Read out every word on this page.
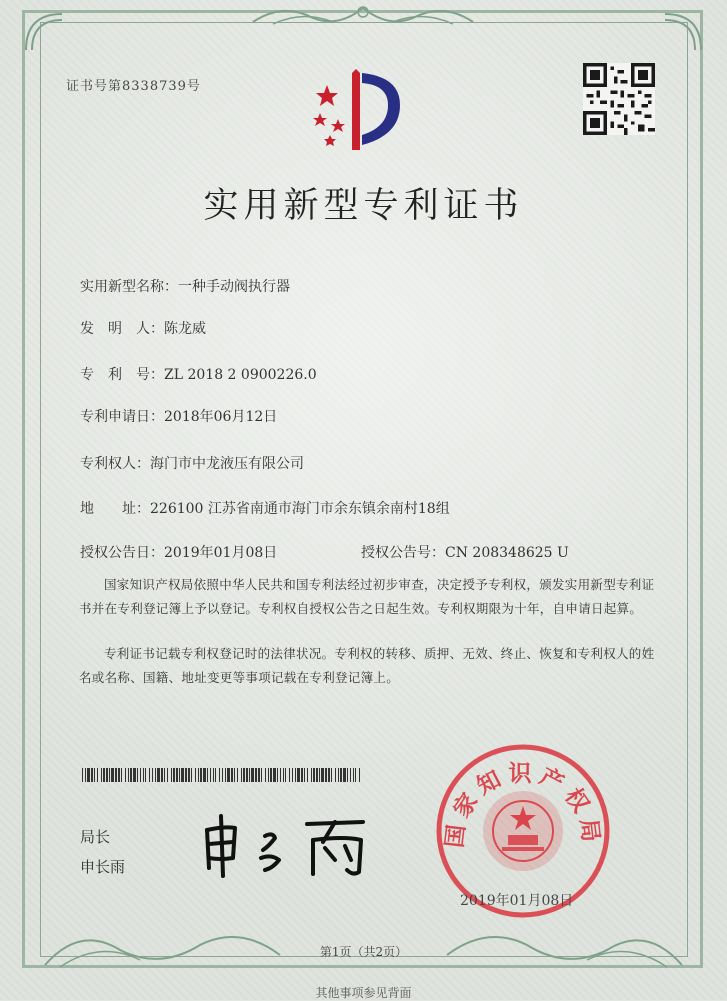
证书号第8338739号
实用新型专利证书
实用新型名称：一种手动阀执行器
发　明　人：陈龙威
专　利　号：ZL 2018 2 0900226.0
专利申请日：2018年06月12日
专利权人：海门市中龙液压有限公司
地　　址：226100 江苏省南通市海门市余东镇余南村18组
授权公告日：2019年01月08日	授权公告号：CN 208348625 U
国家知识产权局依照中华人民共和国专利法经过初步审查，决定授予专利权，颁发实用新型专利证书并在专利登记簿上予以登记。专利权自授权公告之日起生效。专利权期限为十年，自申请日起算。
专利证书记载专利权登记时的法律状况。专利权的转移、质押、无效、终止、恢复和专利权人的姓名或名称、国籍、地址变更等事项记载在专利登记簿上。
局长
申长雨
国家知识产权局
2019年01月08日
第1页（共2页）
其他事项参见背面
